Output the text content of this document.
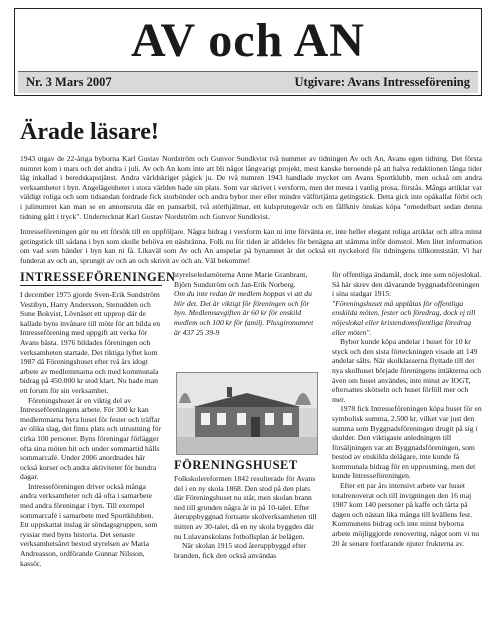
AV och AN
Nr. 3 Mars 2007	Utgivare: Avans Intresseförening
Ärade läsare!

1943 utgav de 22-åriga byborna Karl Gustav Nordström och Gunvor Sundkvist två nummer av tidningen Av och An, Avans egen tidning. Det första numret kom i mars och det andra i juli. Av och An kom inte att bli något långvarigt projekt, mest kanske beroende på att halva redaktionen långa tider låg inkallad i beredskapstjänst. Andra världskriget pågick ju. De två numren 1943 handlade mycket om Avans Sportklubb, men också om andra verksamheter i byn. Angelägenheter i stora världen hade sin plats. Sont var skrivet i versform, men det mesta i vanlig prosa, förstås. Många artiklar var väldigt roliga och som tidsandan fordrade fick storbönder och andra bybor mer eller mindre välförtjänta getingstick. Detta gick inte opåkallat förbi och i julinumret kan man se en annonsruta där en pansarbil, två störthjälmar, ett kulsprutegevär och en fällkniv önskas köpa "omedelbart sedan denna tidning gått i tryck". Undertecknat Karl Gustav Nordström och Gunvor Sundkvist.

Intresseföreningen gör nu ett försök till en uppföljare. Några bidrag i versform kan ni inte förvänta er, inte heller elegant roliga artiklar och allra minst getingstick till sådana i byn som skulle behöva en näsbränna. Folk nu för tiden är alldeles för benägna att stämma inför domstol. Men litet information om vad som händer i byn kan ni få. Likaväl som Av och An anspelar på bynamnet är det också ett nyckelord för tidningens tillkomststätt. Vi har funderat av och an, sprungit av och an och skrivit av och an. Väl bekomme!

INTRESSEFÖRENINGEN

I december 1975 gjorde Sven-Erik Sundström Vestibyn, Harry Andersson, Stenudden och Sune Bokvist, Lövnäset ett upprop där de kallade byns invånare till möte för att bilda en Intresseförening med uppgift att verka för Avans bästa. 1976 bildades föreningen och verksamheten startade. Det riktiga lyftet kom 1987 då Föreningshuset efter två års idogt arbete av medlemmarna och med kommunala bidrag på 450.000 kr stod klart. Nu hade man ett forum för sin verksamhet.

Föreningshuset är en viktig del av Intresseföreningens arbete. För 300 kr kan medlemmarna hyra huset för fester och träffar av olika slag, det finns plats och utrustning för cirka 100 personer. Byns föreningar förlägger ofta sina möten hit och under sommartid hålls sommarcafé. Under 2006 anordnades här också kurser och andra aktiviteter för hundra dagar.

Intresseföreningen driver också många andra verksamheter och då ofta i samarbete med andra föreningar i byn. Till exempel sommarcafé i samarbete med Sportklubben. Ett uppskattat inslag är söndagsgruppen, som ryssiar med byns historia. Det senaste verksamhetsåret bestod styrelsen av Maria Andreasson, ordförande Gunnar Nilsson, kassör,

styrelseledamöterna Anne Marie Granbrant, Björn Sundström och Jan-Erik Norberg.

Om du inte redan är medlem hoppas vi att du blir det. Det är viktigt för föreningen och för byn. Medlemsavgiften är 60 kr för enskild medlem och 100 kr för familj. Plusgironumret är 437 25 39-9

FÖRENINGSHUSET

Folkskolereformen 1842 resulterade för Avans del i en ny skola 1868. Den stod på den plats där Föreningshuset nu står, men skolan brann ned till grunden några år in på 10-talet. Efter återuppbyggnad fortsatte skolverksamheten till mitten av 30-talet, då en ny skola byggdes där nu Lulavanskolans fotbollsplan är belägen.

När skolan 1915 stod återuppbyggd efter branden, fick den också användas

för offentliga ändamål, dock inte som nöjeslokal. Så här skrev den dåvarande byggnadsföreningen i sina stadgar 1915:

"Föreningshuset må upplåtas för offentliga enskilda möten, fester och föredrag, dock ej till nöjeslokal eller kristendomsfientliga föredrag eller möten".

Bybor kunde köpa andelar i huset för 10 kr styck och den sista förteckningen visade att 149 andelar sålts. När skolklasserna flyttade till det nya skolhuset började föreningens intäkterna och även om huset användes, inte minst av IOGT, eftersattes skötseln och huset förföll mer och mer.

1978 fick Intresseföreningen köpa huset för en symbolisk summa, 2.500 kr, vilket var just den summa som Byggnadsföreningen drugit på sig i skulder. Den viktigaste anledningen till försäljningen var att Byggnadsföreningen, som bestod av enskilda delägare, inte kunde få kommunala bidrag för en upprustning, men det kunde Intresseföreningen.

Efter ett par års intensivt arbete var huset totalrenoverat och till invigningen den 16 maj 1987 kom 140 personer på kaffe och tårta på dagen och nästan lika många till kvällens fest. Kommunens bidrag och inte minst byborna arbete möjliggjorde renovering, något som vi nu 20 år senare fortfarande njuter frukterna av.
